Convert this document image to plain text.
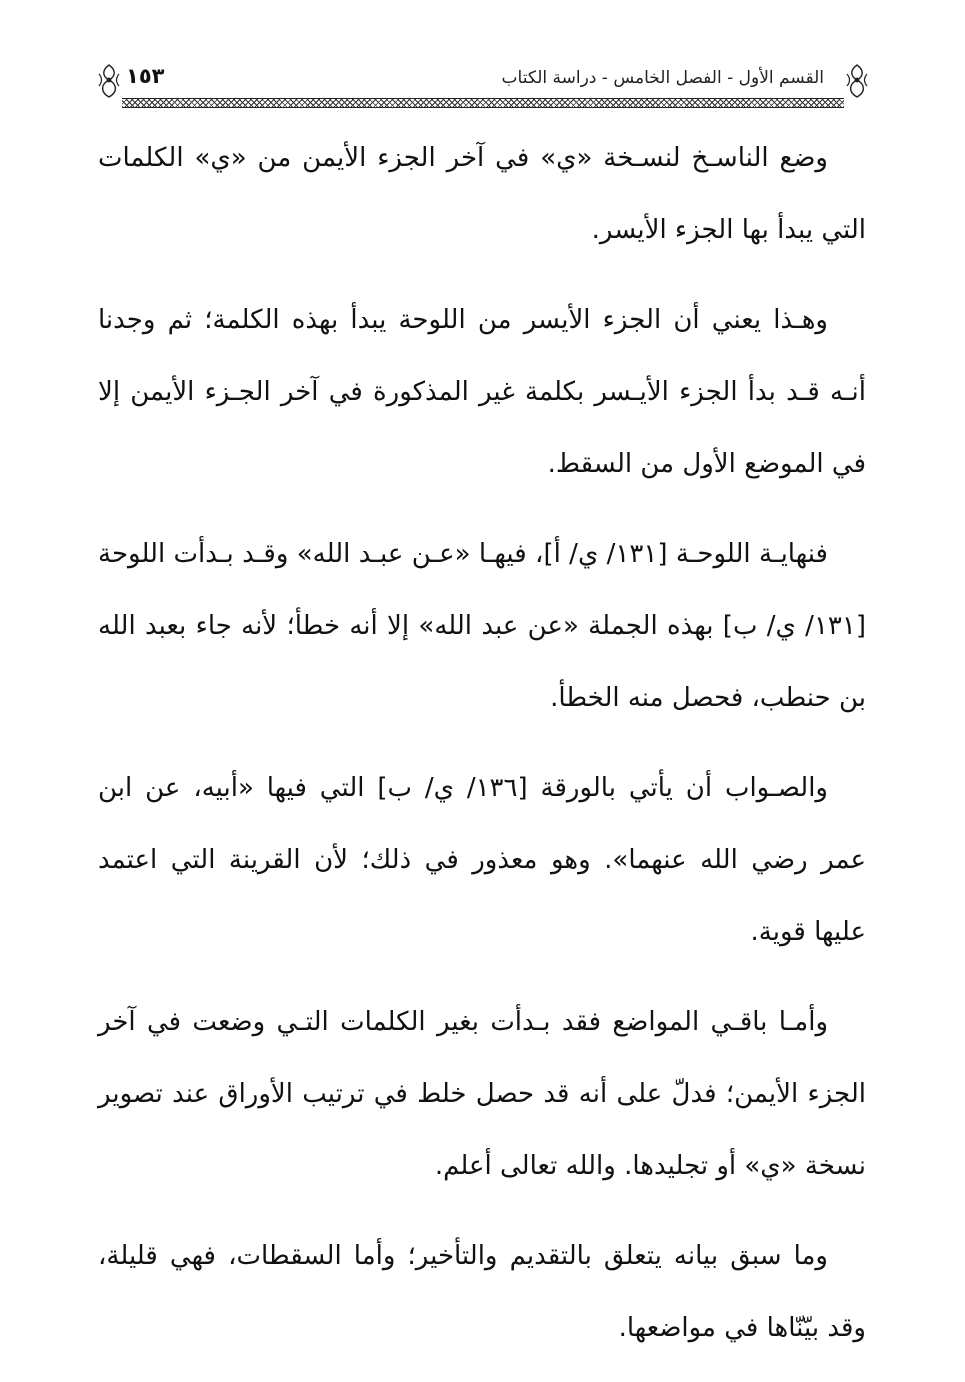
١٥٣	القسم الأول - الفصل الخامس - دراسة الكتاب

وضع الناسـخ لنسـخة «ي» في آخر الجزء الأيمن من «ي» الكلمات التي يبدأ بها الجزء الأيسر.

وهـذا يعني أن الجزء الأيسر من اللوحة يبدأ بهذه الكلمة؛ ثم وجدنا أنـه قـد بدأ الجزء الأيـسر بكلمة غير المذكورة في آخر الجـزء الأيمن إلا في الموضع الأول من السقط.

فنهايـة اللوحـة [١٣١/ ي/ أ]، فيهـا «عـن عبـد الله» وقـد بـدأت اللوحة [١٣١/ ي/ ب] بهذه الجملة «عن عبد الله» إلا أنه خطأ؛ لأنه جاء بعبد الله بن حنطب، فحصل منه الخطأ.

والصـواب أن يأتي بالورقة [١٣٦/ ي/ ب] التي فيها «أبيه، عن ابن عمر رضي الله عنهما». وهو معذور في ذلك؛ لأن القرينة التي اعتمد عليها قوية.

وأمـا باقـي المواضع فقد بـدأت بغير الكلمات التـي وضعت في آخر الجزء الأيمن؛ فدلّ على أنه قد حصل خلط في ترتيب الأوراق عند تصوير نسخة «ي» أو تجليدها. والله تعالى أعلم.

وما سبق بيانه يتعلق بالتقديم والتأخير؛ وأما السقطات، فهي قليلة، وقد بيّنّاها في مواضعها.
